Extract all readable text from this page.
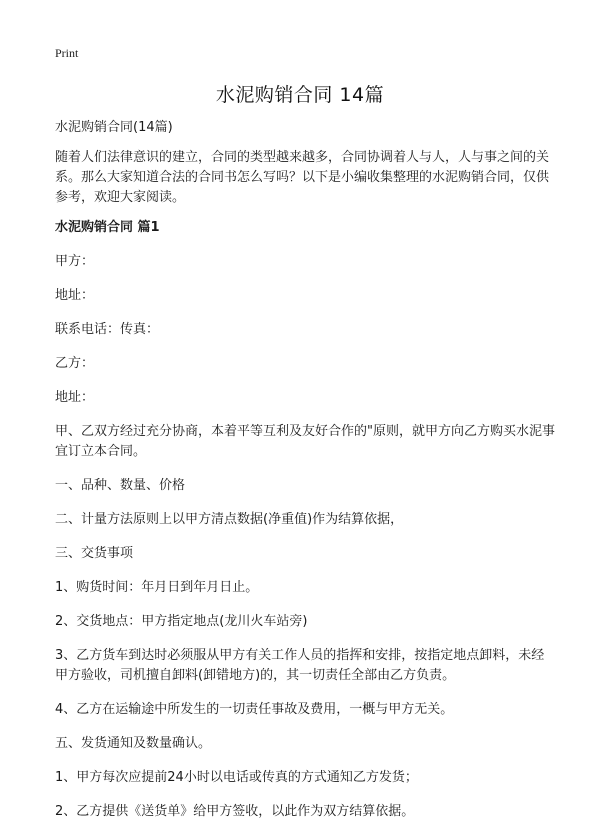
Print
水泥购销合同 14篇

水泥购销合同(14篇)

随着人们法律意识的建立，合同的类型越来越多，合同协调着人与人，人与事之间的关系。那么大家知道合法的合同书怎么写吗？以下是小编收集整理的水泥购销合同，仅供参考，欢迎大家阅读。

水泥购销合同 篇1

甲方：

地址：

联系电话：传真：

乙方：

地址：

甲、乙双方经过充分协商，本着平等互利及友好合作的"原则，就甲方向乙方购买水泥事宜订立本合同。

一、品种、数量、价格

二、计量方法原则上以甲方清点数据(净重值)作为结算依据，

三、交货事项

1、购货时间：年月日到年月日止。

2、交货地点：甲方指定地点(龙川火车站旁)

3、乙方货车到达时必须服从甲方有关工作人员的指挥和安排，按指定地点卸料，未经甲方验收，司机擅自卸料(卸错地方)的，其一切责任全部由乙方负责。

4、乙方在运输途中所发生的一切责任事故及费用，一概与甲方无关。

五、发货通知及数量确认。

1、甲方每次应提前24小时以电话或传真的方式通知乙方发货；

2、乙方提供《送货单》给甲方签收，以此作为双方结算依据。
